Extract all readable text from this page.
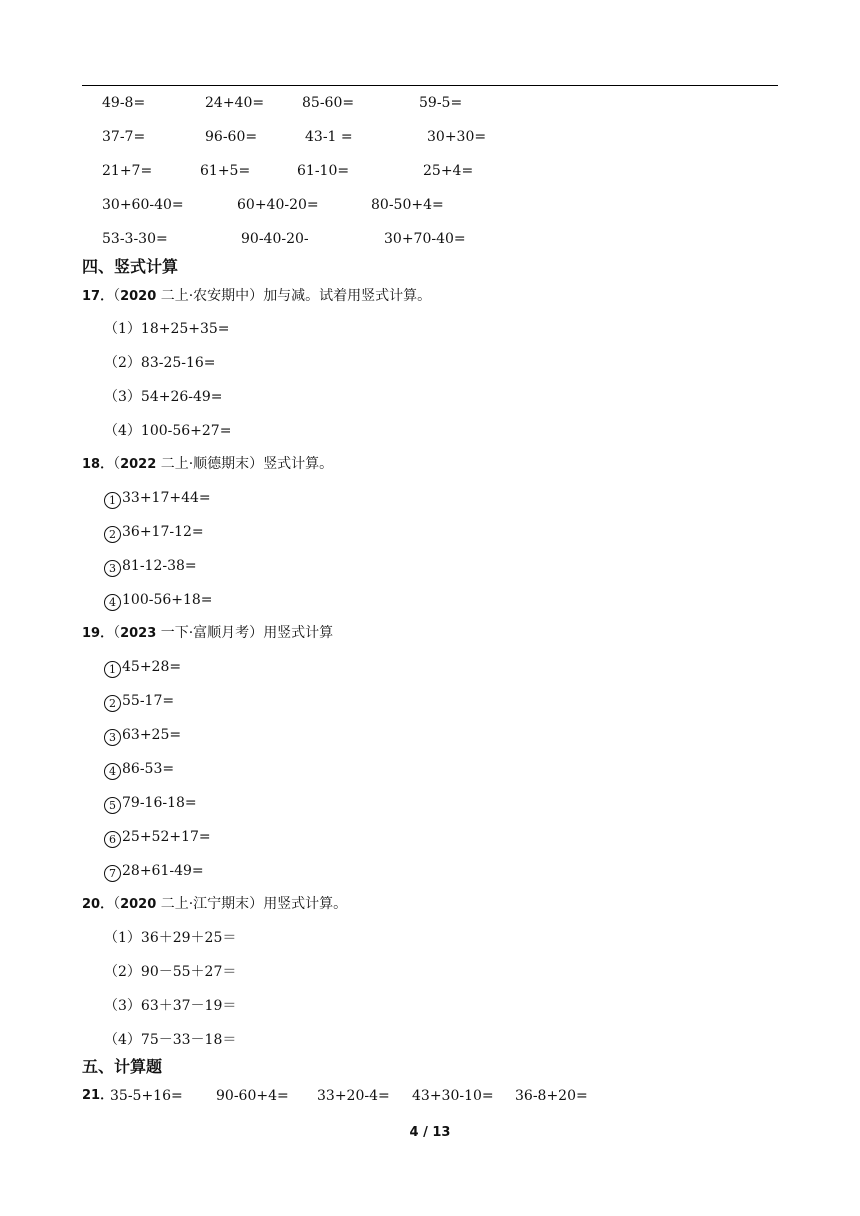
49-8=	24+40=	85-60=	59-5=
37-7=	96-60=	43-1 =	30+30=
21+7=	61+5=	61-10=	25+4=
30+60-40=	60+40-20=	80-50+4=
53-3-30=	90-40-20-	30+70-40=
四、竖式计算
17．（2020 二上·农安期中）加与减。试着用竖式计算。
（1）18+25+35=
（2）83-25-16=
（3）54+26-49=
（4）100-56+27=
18．（2022 二上·顺德期末）竖式计算。
1 33+17+44=
2 36+17-12=
3 81-12-38=
4 100-56+18=
19．（2023 一下·富顺月考）用竖式计算
1 45+28=
2 55-17=
3 63+25=
4 86-53=
5 79-16-18=
6 25+52+17=
7 28+61-49=
20．（2020 二上·江宁期末）用竖式计算。
（1）36＋29＋25＝
（2）90－55＋27＝
（3）63＋37－19＝
（4）75－33－18＝
五、计算题
21．
35-5+16= 90-60+4= 33+20-4= 43+30-10= 36-8+20=
4 / 13
